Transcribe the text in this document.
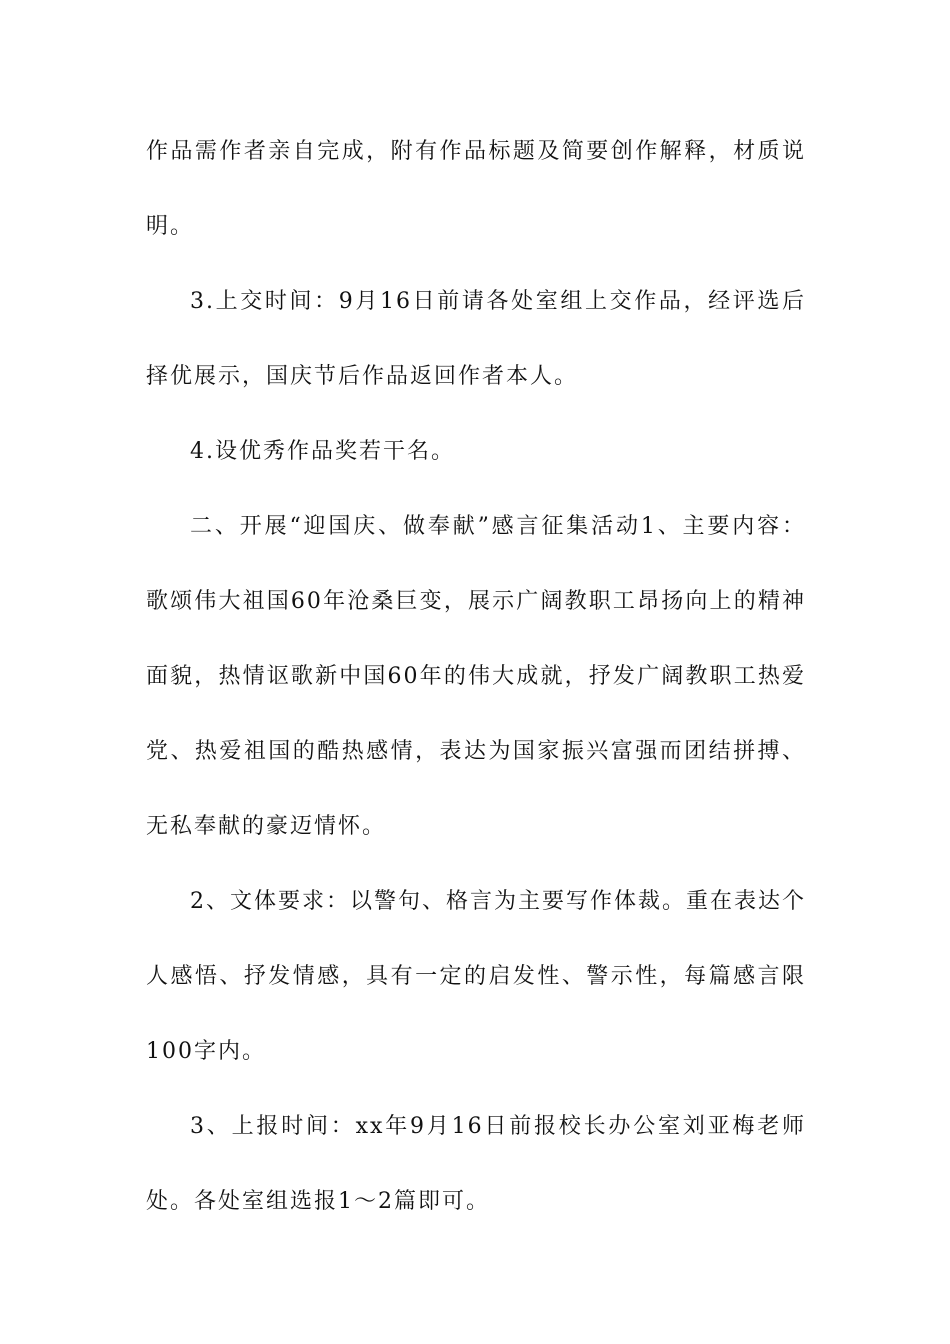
作品需作者亲自完成，附有作品标题及简要创作解释，材质说明。

3.上交时间：9月16日前请各处室组上交作品，经评选后择优展示，国庆节后作品返回作者本人。

4.设优秀作品奖若干名。

二、开展“迎国庆、做奉献”感言征集活动1、主要内容：歌颂伟大祖国60年沧桑巨变，展示广阔教职工昂扬向上的精神面貌，热情讴歌新中国60年的伟大成就，抒发广阔教职工热爱党、热爱祖国的酷热感情，表达为国家振兴富强而团结拼搏、无私奉献的豪迈情怀。

2、文体要求：以警句、格言为主要写作体裁。重在表达个人感悟、抒发情感，具有一定的启发性、警示性，每篇感言限100字内。

3、上报时间：xx年9月16日前报校长办公室刘亚梅老师处。各处室组选报1～2篇即可。
